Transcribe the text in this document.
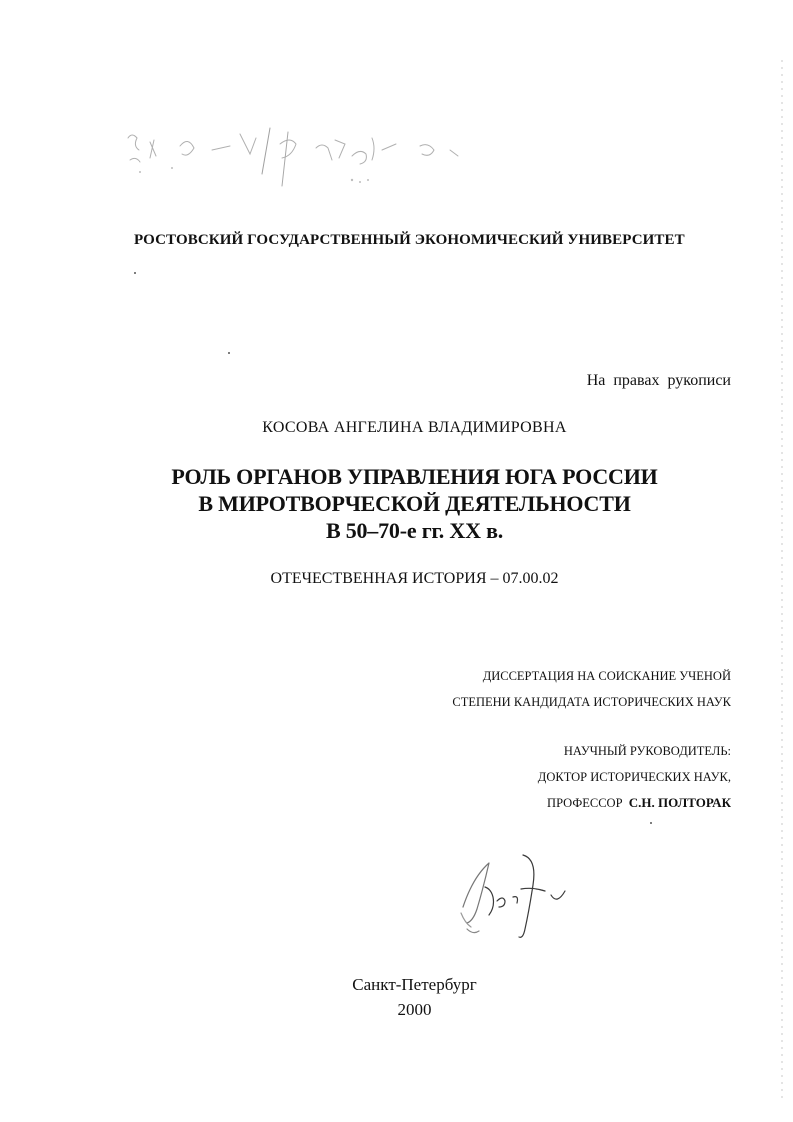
РОСТОВСКИЙ ГОСУДАРСТВЕННЫЙ ЭКОНОМИЧЕСКИЙ УНИВЕРСИТЕТ
На правах рукописи
КОСОВА АНГЕЛИНА ВЛАДИМИРОВНА
РОЛЬ ОРГАНОВ УПРАВЛЕНИЯ ЮГА РОССИИ
В МИРОТВОРЧЕСКОЙ ДЕЯТЕЛЬНОСТИ
В 50–70-е гг. XX в.
ОТЕЧЕСТВЕННАЯ ИСТОРИЯ – 07.00.02
ДИССЕРТАЦИЯ НА СОИСКАНИЕ УЧЕНОЙ
СТЕПЕНИ КАНДИДАТА ИСТОРИЧЕСКИХ НАУК
НАУЧНЫЙ РУКОВОДИТЕЛЬ:
ДОКТОР ИСТОРИЧЕСКИХ НАУК,
ПРОФЕССОР С.Н. ПОЛТОРАК
Санкт-Петербург
2000
